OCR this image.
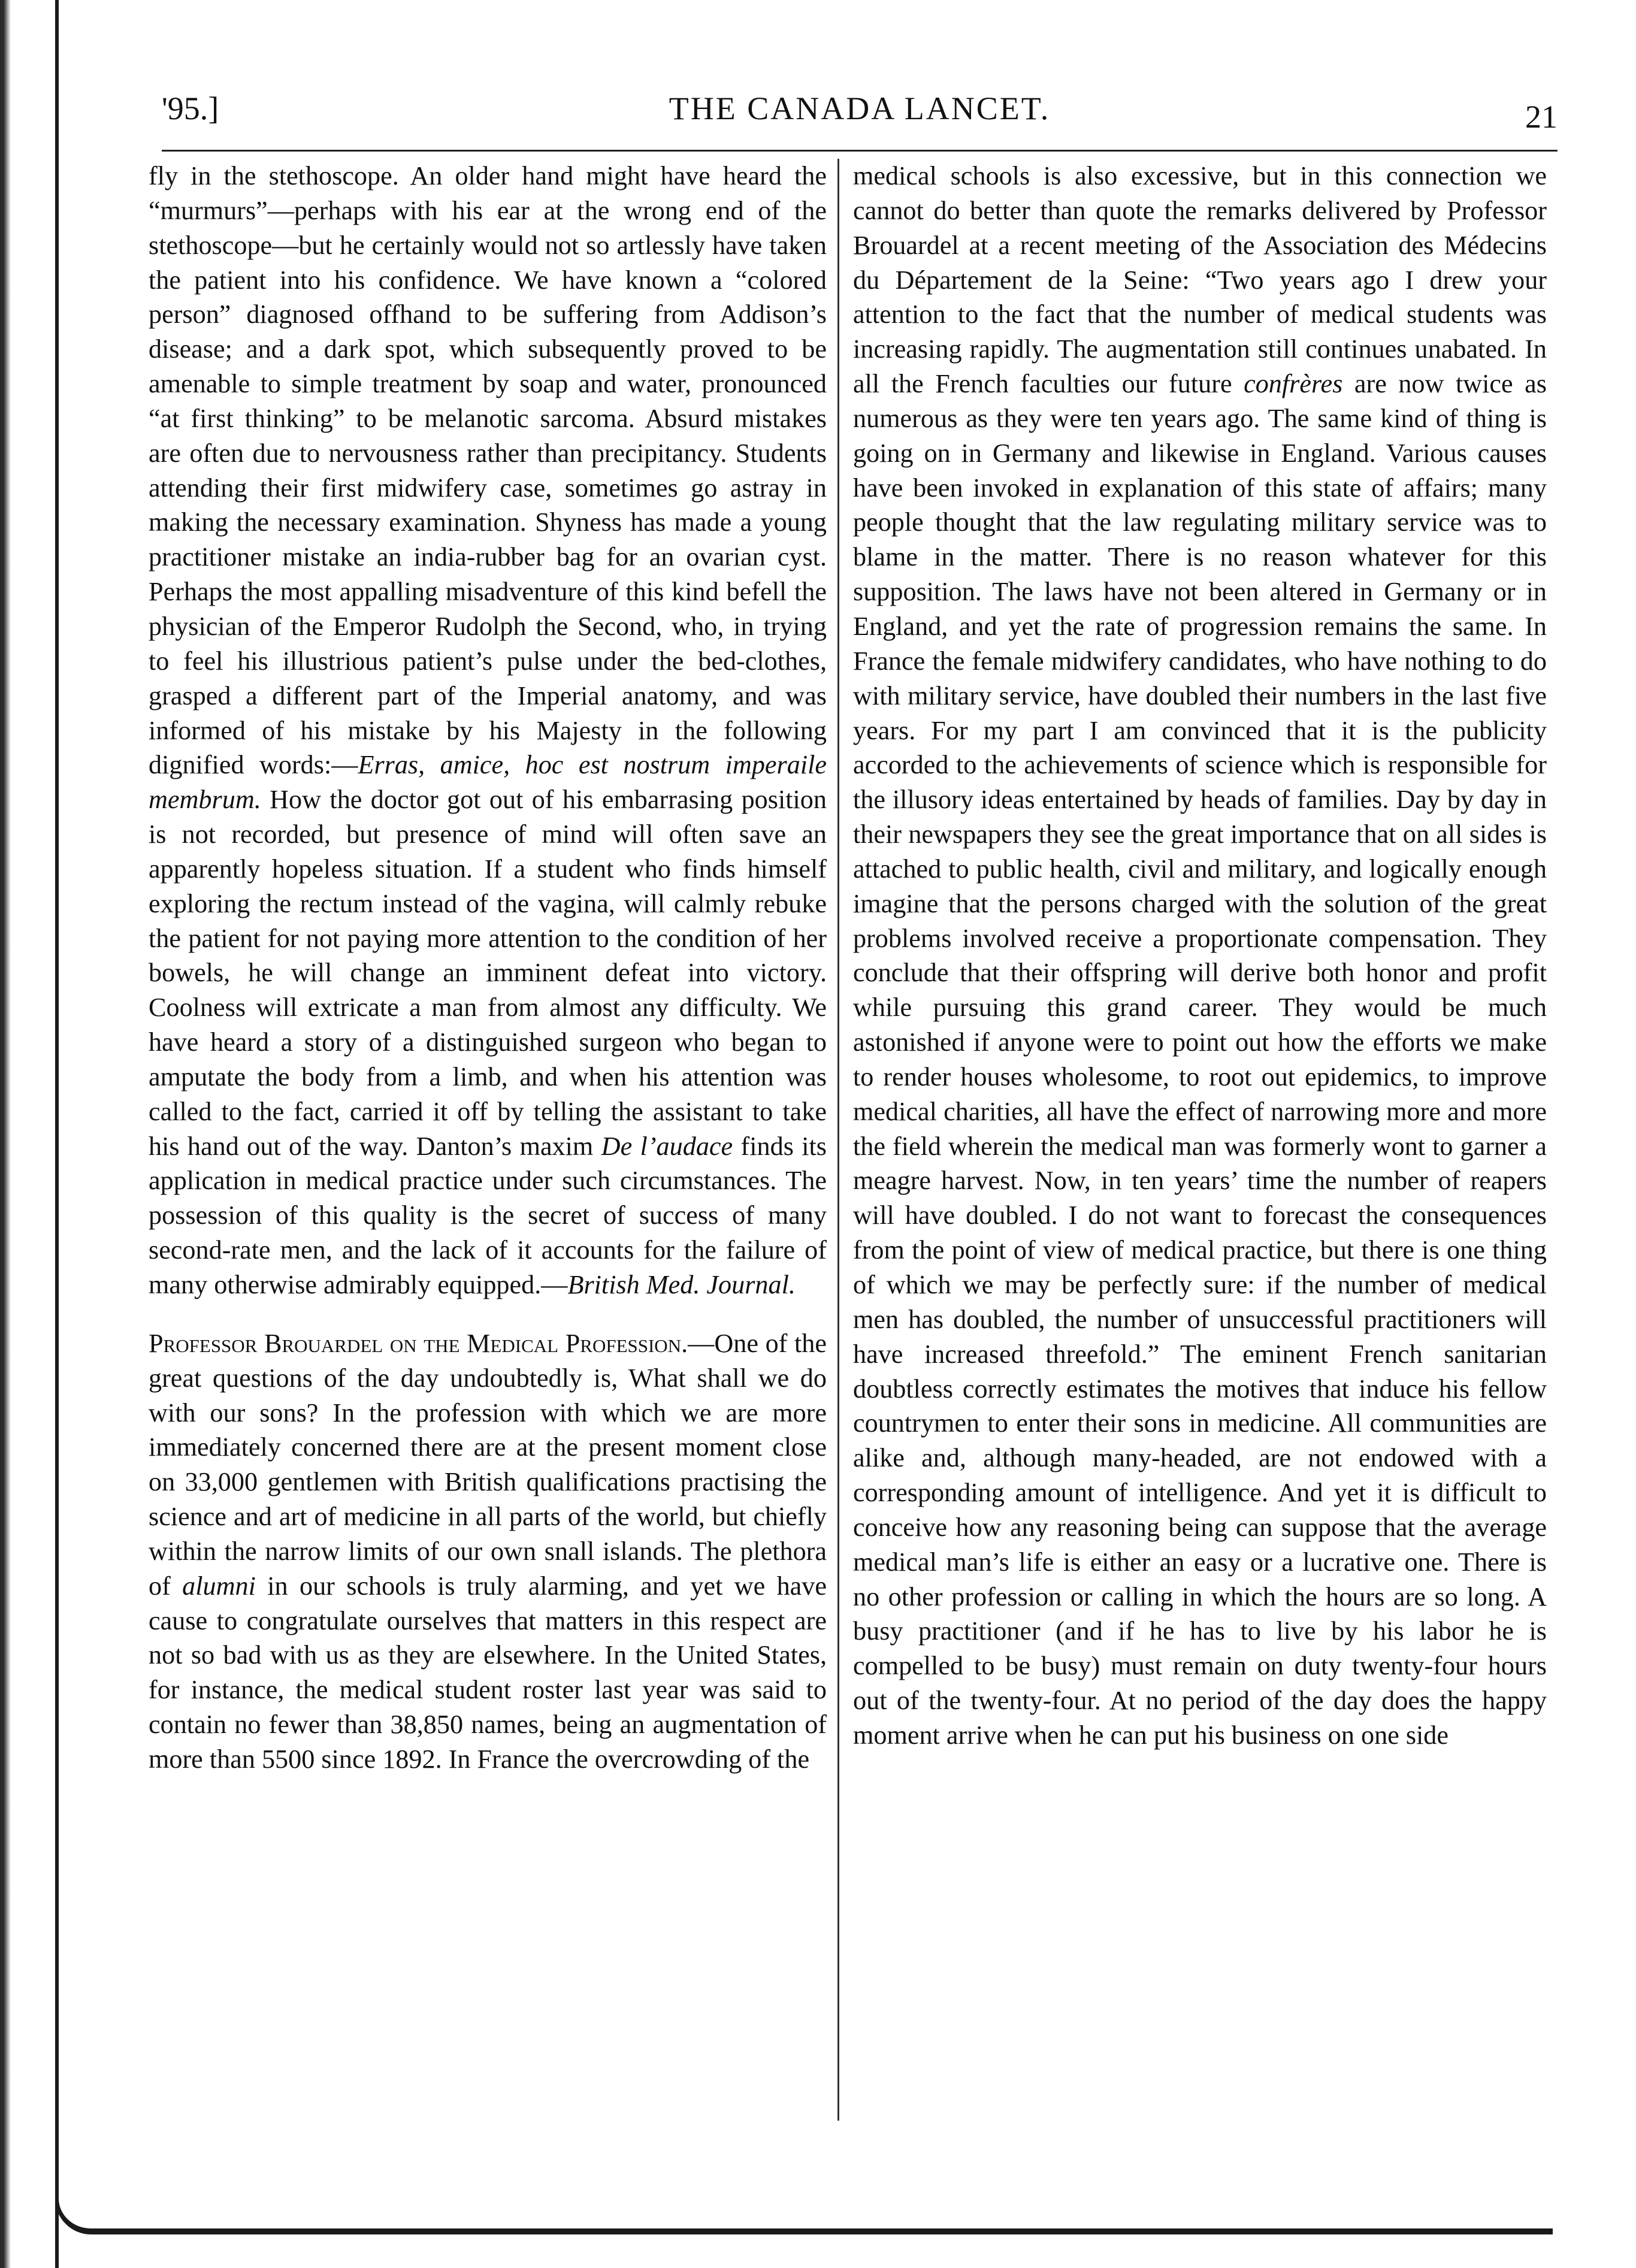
'95.]	THE CANADA LANCET.	21

fly in the stethoscope. An older hand might have heard the “murmurs”—perhaps with his ear at the wrong end of the stethoscope—but he certainly would not so artlessly have taken the patient into his confidence. We have known a “colored person” diagnosed offhand to be suffering from Addison’s disease; and a dark spot, which subsequently proved to be amenable to simple treatment by soap and water, pronounced “at first thinking” to be melanotic sarcoma. Absurd mistakes are often due to nervousness rather than precipitancy. Students attending their first midwifery case, sometimes go astray in making the necessary examination. Shyness has made a young practitioner mistake an india-rubber bag for an ovarian cyst. Perhaps the most appalling misadventure of this kind befell the physician of the Emperor Rudolph the Second, who, in trying to feel his illustrious patient’s pulse under the bed-clothes, grasped a different part of the Imperial anatomy, and was informed of his mistake by his Majesty in the following dignified words:—Erras, amice, hoc est nostrum imperaile membrum. How the doctor got out of his embarrasing position is not recorded, but presence of mind will often save an apparently hopeless situation. If a student who finds himself exploring the rectum instead of the vagina, will calmly rebuke the patient for not paying more attention to the condition of her bowels, he will change an imminent defeat into victory. Coolness will extricate a man from almost any difficulty. We have heard a story of a distinguished surgeon who began to amputate the body from a limb, and when his attention was called to the fact, carried it off by telling the assistant to take his hand out of the way. Danton’s maxim De l’audace finds its application in medical practice under such circumstances. The possession of this quality is the secret of success of many second-rate men, and the lack of it accounts for the failure of many otherwise admirably equipped.—British Med. Journal.

Professor Brouardel on the Medical Profession.—One of the great questions of the day undoubtedly is, What shall we do with our sons? In the profession with which we are more immediately concerned there are at the present moment close on 33,000 gentlemen with British qualifications practising the science and art of medicine in all parts of the world, but chiefly within the narrow limits of our own snall islands. The plethora of alumni in our schools is truly alarming, and yet we have cause to congratulate ourselves that matters in this respect are not so bad with us as they are elsewhere. In the United States, for instance, the medical student roster last year was said to contain no fewer than 38,850 names, being an augmentation of more than 5500 since 1892. In France the overcrowding of the

medical schools is also excessive, but in this connection we cannot do better than quote the remarks delivered by Professor Brouardel at a recent meeting of the Association des Médecins du Département de la Seine: “Two years ago I drew your attention to the fact that the number of medical students was increasing rapidly. The augmentation still continues unabated. In all the French faculties our future confrères are now twice as numerous as they were ten years ago. The same kind of thing is going on in Germany and likewise in England. Various causes have been invoked in explanation of this state of affairs; many people thought that the law regulating military service was to blame in the matter. There is no reason whatever for this supposition. The laws have not been altered in Germany or in England, and yet the rate of progression remains the same. In France the female midwifery candidates, who have nothing to do with military service, have doubled their numbers in the last five years. For my part I am convinced that it is the publicity accorded to the achievements of science which is responsible for the illusory ideas entertained by heads of families. Day by day in their newspapers they see the great importance that on all sides is attached to public health, civil and military, and logically enough imagine that the persons charged with the solution of the great problems involved receive a proportionate compensation. They conclude that their offspring will derive both honor and profit while pursuing this grand career. They would be much astonished if anyone were to point out how the efforts we make to render houses wholesome, to root out epidemics, to improve medical charities, all have the effect of narrowing more and more the field wherein the medical man was formerly wont to garner a meagre harvest. Now, in ten years’ time the number of reapers will have doubled. I do not want to forecast the consequences from the point of view of medical practice, but there is one thing of which we may be perfectly sure: if the number of medical men has doubled, the number of unsuccessful practitioners will have increased threefold.” The eminent French sanitarian doubtless correctly estimates the motives that induce his fellow countrymen to enter their sons in medicine. All communities are alike and, although many-headed, are not endowed with a corresponding amount of intelligence. And yet it is difficult to conceive how any reasoning being can suppose that the average medical man’s life is either an easy or a lucrative one. There is no other profession or calling in which the hours are so long. A busy practitioner (and if he has to live by his labor he is compelled to be busy) must remain on duty twenty-four hours out of the twenty-four. At no period of the day does the happy moment arrive when he can put his business on one side
